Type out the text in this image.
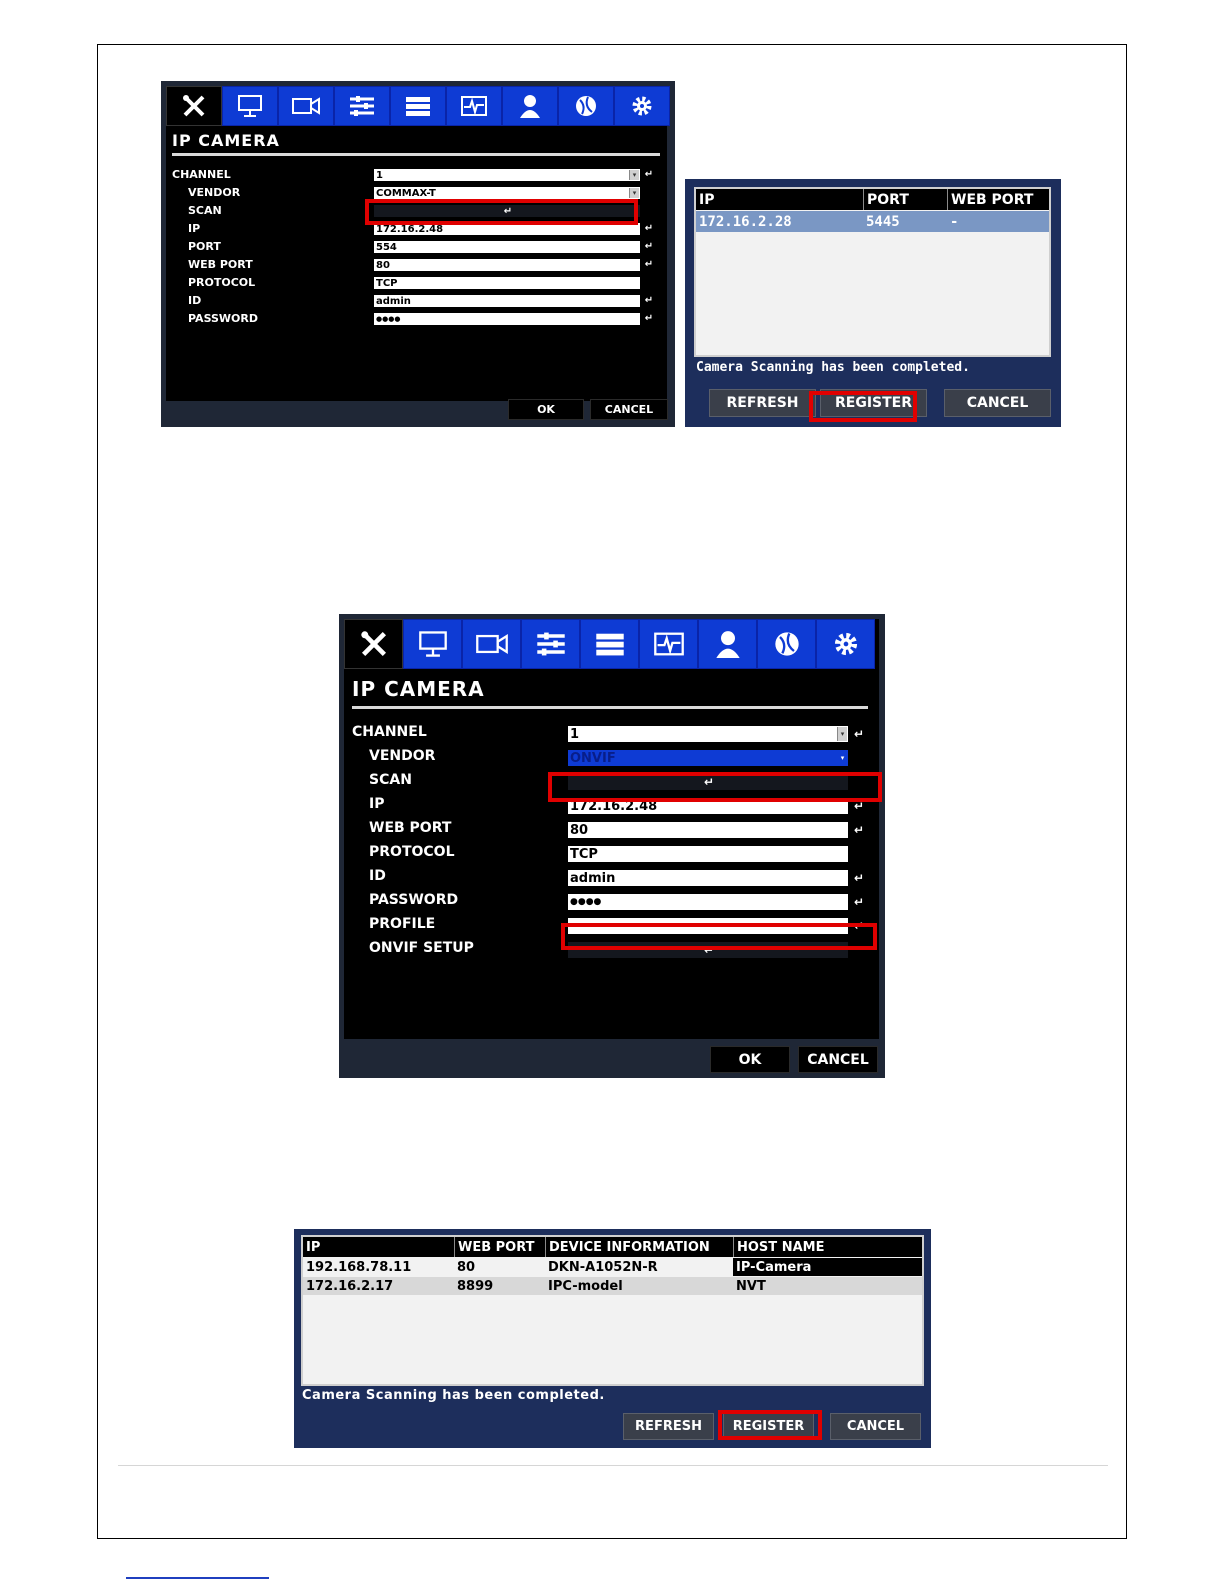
IP CAMERA
CHANNEL	1	▾ ↵
VENDOR	COMMAX-T	▾
SCAN	↵
IP	172.16.2.48	↵
PORT	554	↵
WEB PORT	80	↵
PROTOCOL	TCP
ID	admin	↵
PASSWORD	●●●●	↵
OK	CANCEL
IP	PORT	WEB PORT
172.16.2.28	5445	-
Camera Scanning has been completed.
REFRESH	REGISTER	CANCEL
IP CAMERA
CHANNEL	1	▾ ↵
VENDOR	ONVIF	▾
SCAN	↵
IP	172.16.2.48	↵
WEB PORT	80	↵
PROTOCOL	TCP
ID	admin	↵
PASSWORD	●●●●	↵
PROFILE	↵
ONVIF SETUP	↵
OK	CANCEL
IP	WEB PORT	DEVICE INFORMATION	HOST NAME
192.168.78.11	80	DKN-A1052N-R	IP-Camera
172.16.2.17	8899	IPC-model	NVT
Camera Scanning has been completed.
REFRESH	REGISTER	CANCEL
